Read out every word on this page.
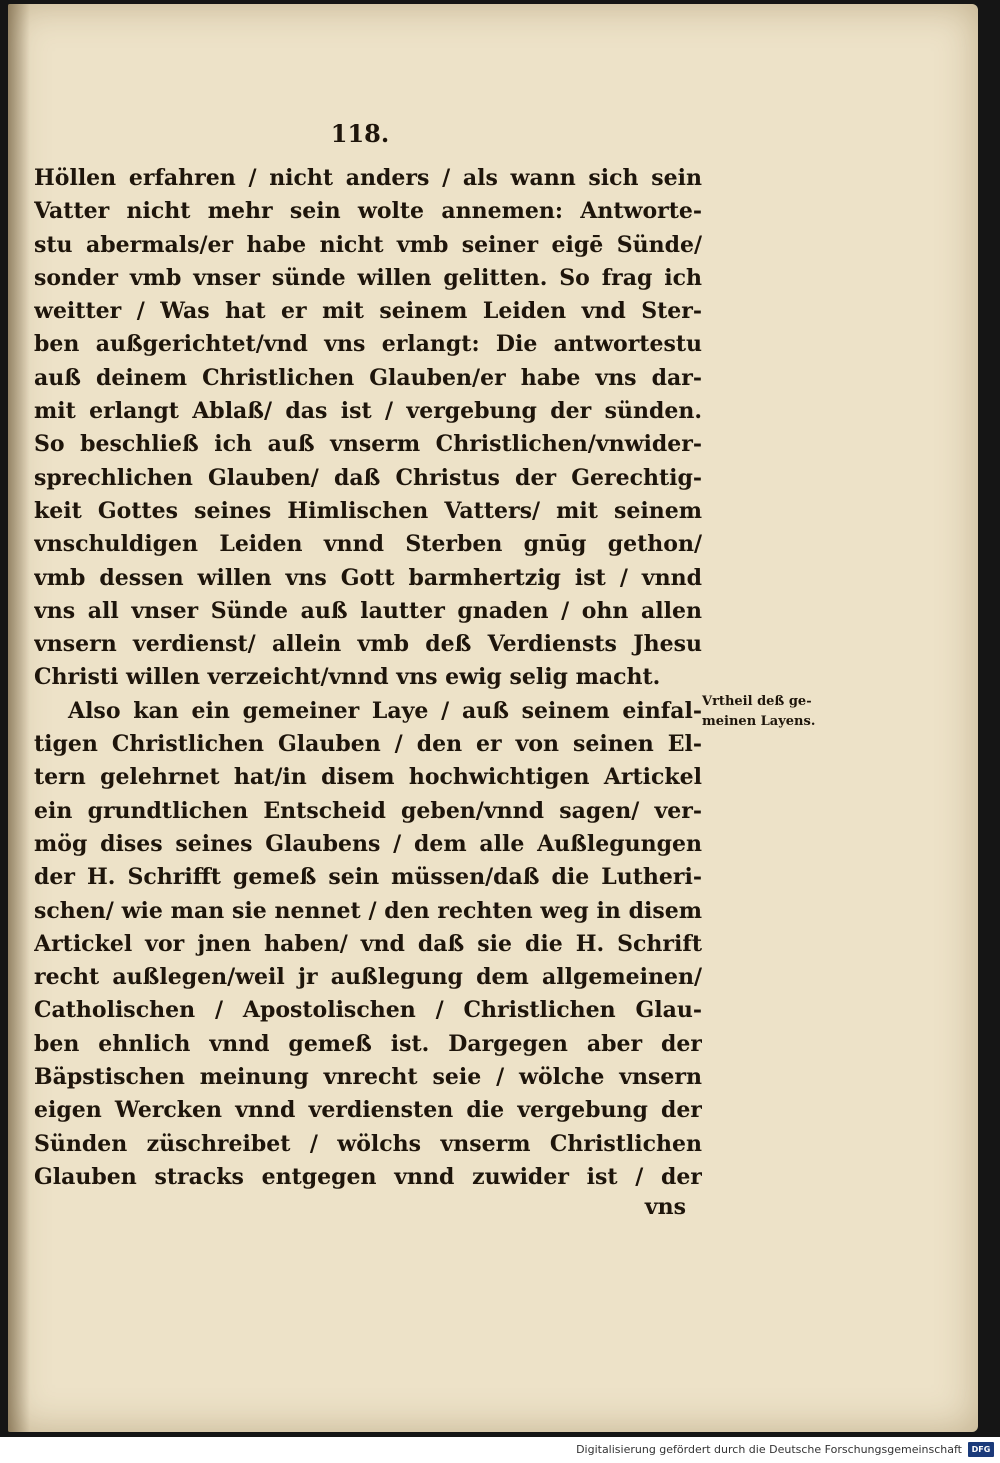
118.
Höllen erfahren / nicht anders / als wann sich sein
Vatter nicht mehr sein wolte annemen: Antworte-
stu abermals/er habe nicht vmb seiner eigē Sünde/
sonder vmb vnser sünde willen gelitten. So frag ich
weitter / Was hat er mit seinem Leiden vnd Ster-
ben außgerichtet/vnd vns erlangt: Die antwortestu
auß deinem Christlichen Glauben/er habe vns dar-
mit erlangt Ablaß/ das ist / vergebung der sünden.
So beschließ ich auß vnserm Christlichen/vnwider-
sprechlichen Glauben/ daß Christus der Gerechtig-
keit Gottes seines Himlischen Vatters/ mit seinem
vnschuldigen Leiden vnnd Sterben gnūg gethon/
vmb dessen willen vns Gott barmhertzig ist / vnnd
vns all vnser Sünde auß lautter gnaden / ohn allen
vnsern verdienst/ allein vmb deß Verdiensts Jhesu
Christi willen verzeicht/vnnd vns ewig selig macht.
Also kan ein gemeiner Laye / auß seinem einfal-
tigen Christlichen Glauben / den er von seinen El-
tern gelehrnet hat/in disem hochwichtigen Artickel
ein grundtlichen Entscheid geben/vnnd sagen/ ver-
mög dises seines Glaubens / dem alle Außlegungen
der H. Schrifft gemeß sein müssen/daß die Lutheri-
schen/ wie man sie nennet / den rechten weg in disem
Artickel vor jnen haben/ vnd daß sie die H. Schrift
recht außlegen/weil jr außlegung dem allgemeinen/
Catholischen / Apostolischen / Christlichen Glau-
ben ehnlich vnnd gemeß ist. Dargegen aber der
Bäpstischen meinung vnrecht seie / wölche vnsern
eigen Wercken vnnd verdiensten die vergebung der
Sünden züschreibet / wölchs vnserm Christlichen
Glauben stracks entgegen vnnd zuwider ist / der
vns
Vrtheil deß ge-
meinen Layens.
Digitalisierung gefördert durch die Deutsche Forschungsgemeinschaft	DFG
